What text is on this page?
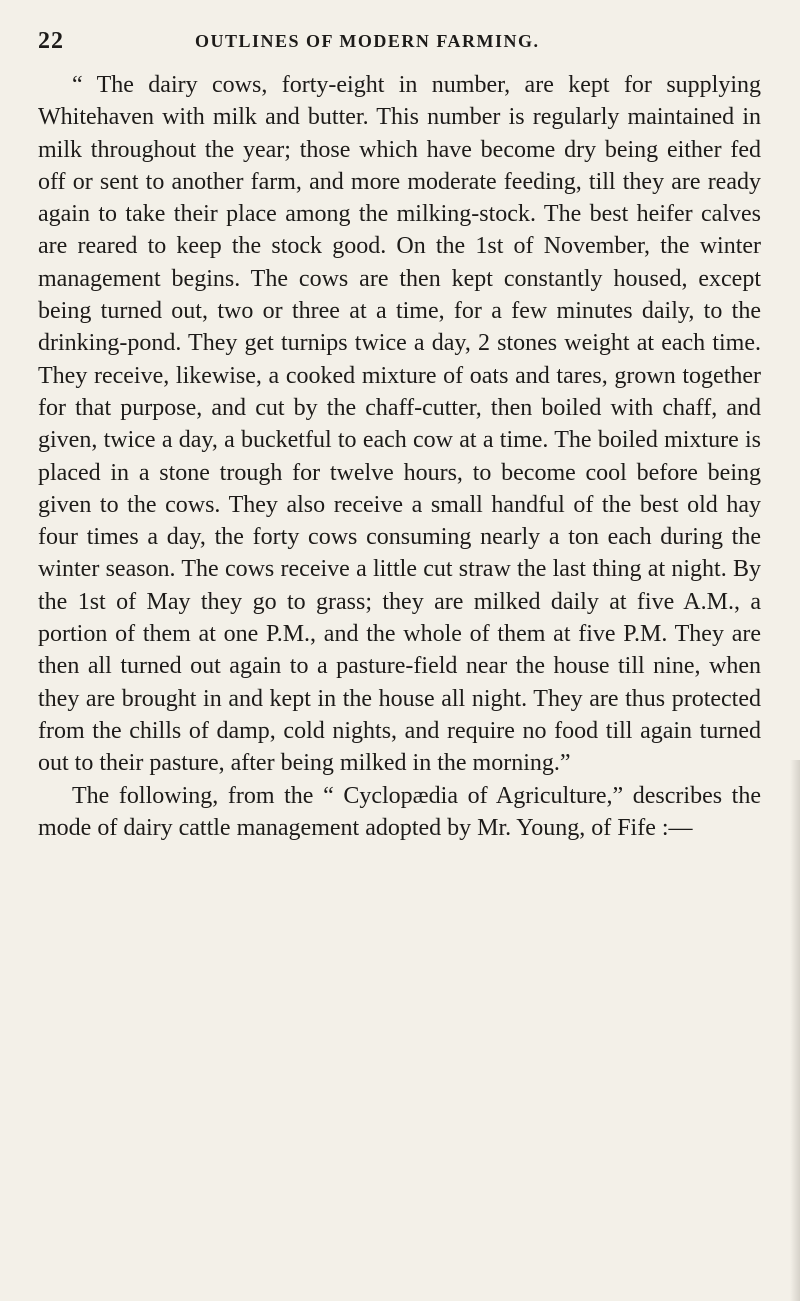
22	OUTLINES OF MODERN FARMING.

“ The dairy cows, forty-eight in number, are kept for supplying Whitehaven with milk and butter. This number is regularly maintained in milk throughout the year; those which have become dry being either fed off or sent to another farm, and more moderate feeding, till they are ready again to take their place among the milking-stock. The best heifer calves are reared to keep the stock good. On the 1st of November, the winter management begins. The cows are then kept constantly housed, except being turned out, two or three at a time, for a few minutes daily, to the drinking-pond. They get turnips twice a day, 2 stones weight at each time. They receive, likewise, a cooked mixture of oats and tares, grown together for that purpose, and cut by the chaff-cutter, then boiled with chaff, and given, twice a day, a bucketful to each cow at a time. The boiled mixture is placed in a stone trough for twelve hours, to become cool before being given to the cows. They also receive a small handful of the best old hay four times a day, the forty cows consuming nearly a ton each during the winter season. The cows receive a little cut straw the last thing at night. By the 1st of May they go to grass; they are milked daily at five A.M., a portion of them at one P.M., and the whole of them at five P.M. They are then all turned out again to a pasture-field near the house till nine, when they are brought in and kept in the house all night. They are thus protected from the chills of damp, cold nights, and require no food till again turned out to their pasture, after being milked in the morning.”

The following, from the “ Cyclopædia of Agriculture,” describes the mode of dairy cattle management adopted by Mr. Young, of Fife :—
